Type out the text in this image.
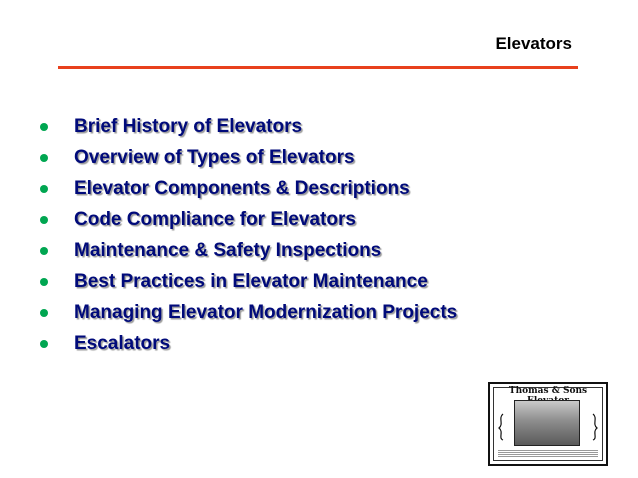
Elevators
Brief History of Elevators
Overview of Types of Elevators
Elevator Components & Descriptions
Code Compliance for Elevators
Maintenance & Safety Inspections
Best Practices in Elevator Maintenance
Managing Elevator Modernization Projects
Escalators
Thomas & Sons
